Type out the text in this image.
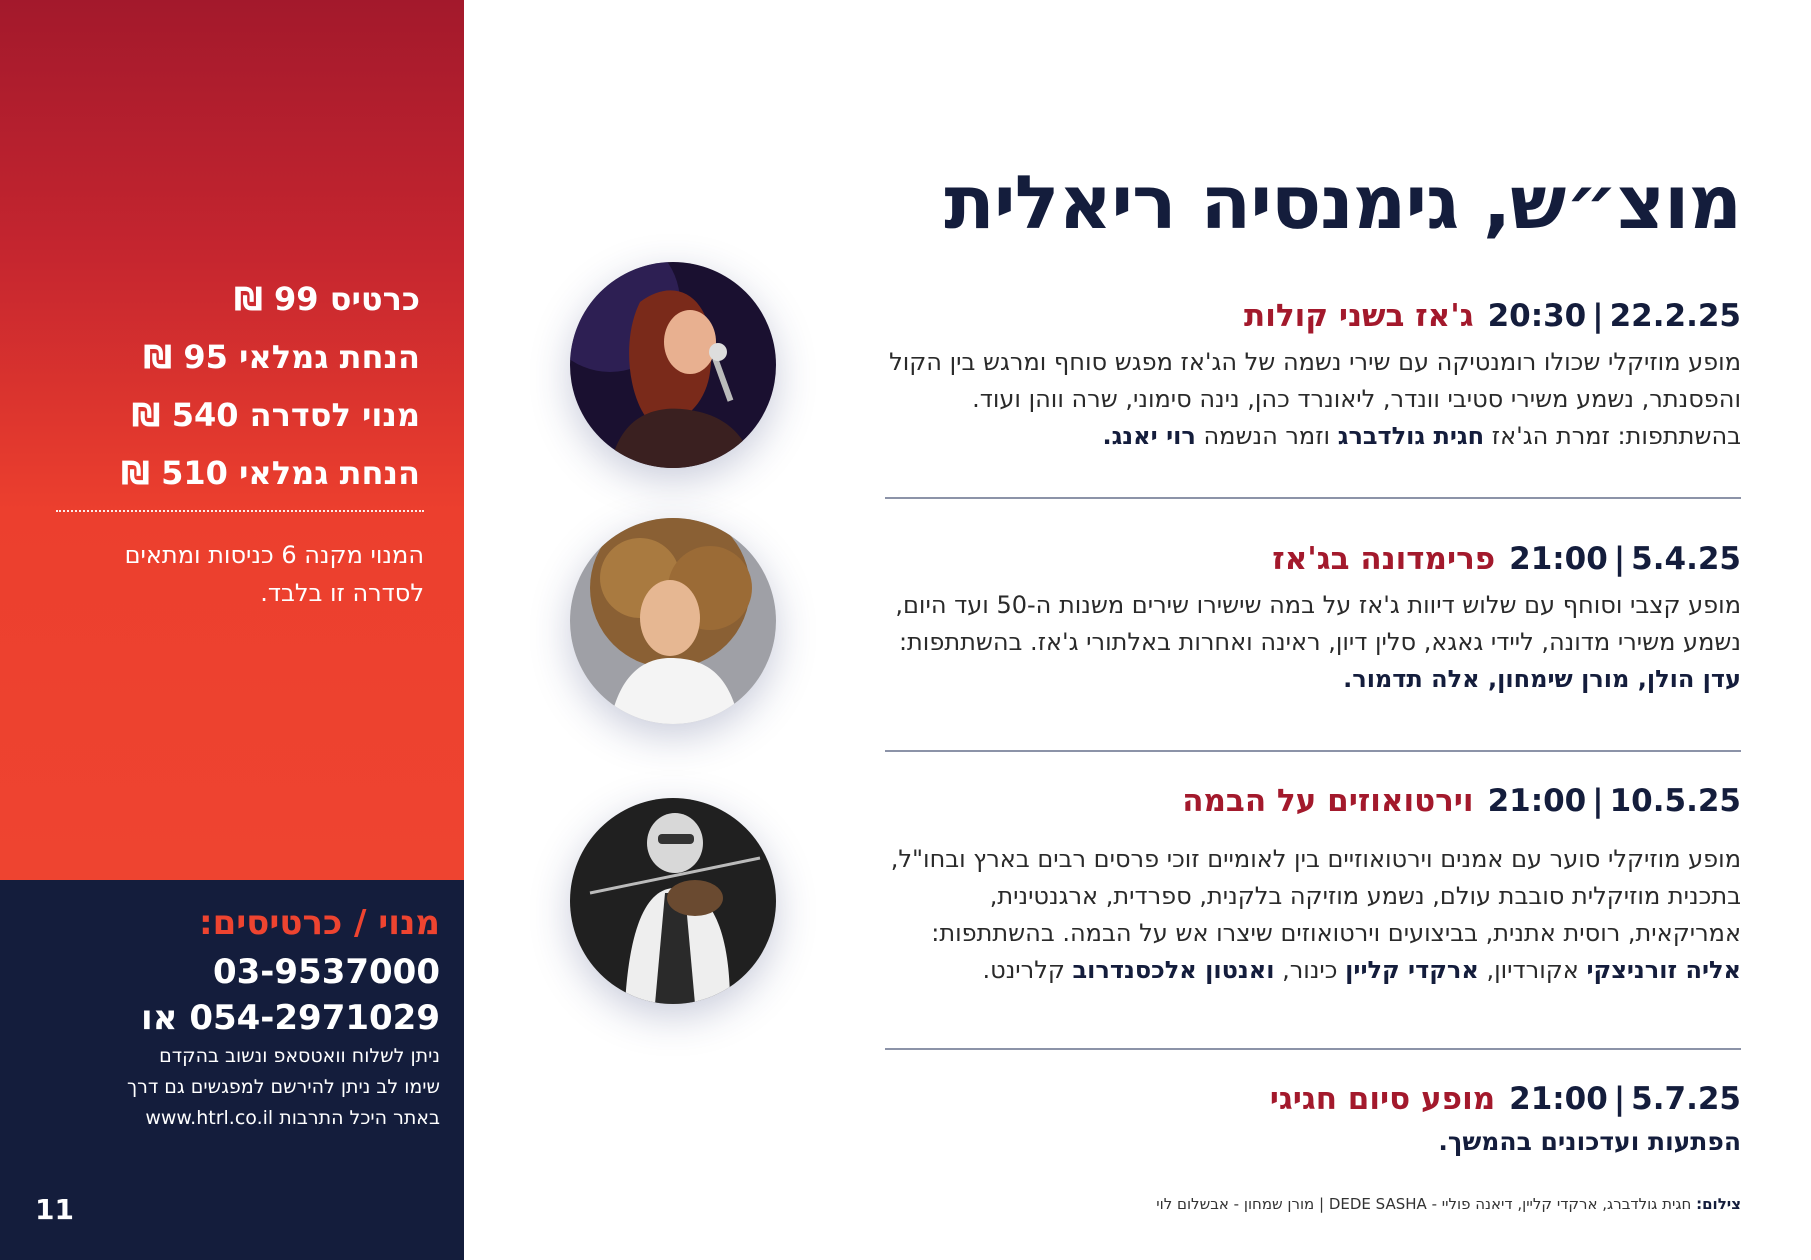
כרטיס 99 ₪
הנחת גמלאי 95 ₪
מנוי לסדרה 540 ₪
הנחת גמלאי 510 ₪
המנוי מקנה 6 כניסות ומתאים לסדרה זו בלבד.
מנוי / כרטיסים:
03-9537000
054-2971029 או
ניתן לשלוח וואטסאפ ונשוב בהקדם
שימו לב ניתן להירשם למפגשים גם דרך
באתר היכל התרבות www.htrl.co.il
11
מוצ״ש, גימנסיה ריאלית
22.2.25|20:30ג'אז בשני קולות
מופע מוזיקלי שכולו רומנטיקה עם שירי נשמה של הג'אז מפגש סוחף ומרגש בין הקול והפסנתר, נשמע משירי סטיבי וונדר, ליאונרד כהן, נינה סימוני, שרה ווהן ועוד. בהשתתפות: זמרת הג'אז חגית גולדברג וזמר הנשמה רוי יאנג.
5.4.25|21:00פרימדונה בג'אז
מופע קצבי וסוחף עם שלוש דיוות ג'אז על במה שישירו שירים משנות ה-50 ועד היום, נשמע משירי מדונה, ליידי גאגא, סלין דיון, ראינה ואחרות באלתורי ג'אז. בהשתתפות: עדן הולן, מורן שימחון, אלה תדמור.
10.5.25|21:00וירטואוזים על הבמה
מופע מוזיקלי סוער עם אמנים וירטואוזיים בין לאומיים זוכי פרסים רבים בארץ ובחו"ל, בתכנית מוזיקלית סובבת עולם, נשמע מוזיקה בלקנית, ספרדית, ארגנטינית, אמריקאית, רוסית אתנית, בביצועים וירטואוזים שיצרו אש על הבמה. בהשתתפות: אליה זורניצקי אקורדיון, ארקדי קליין כינור, ואנטון אלכסנדרוב קלרינט.
5.7.25|21:00מופע סיום חגיגי
הפתעות ועדכונים בהמשך.
צילום: חגית גולדברג, ארקדי קליין, דיאנה פוליי - DEDE SASHA | מורן שמחון - אבשלום לוי
